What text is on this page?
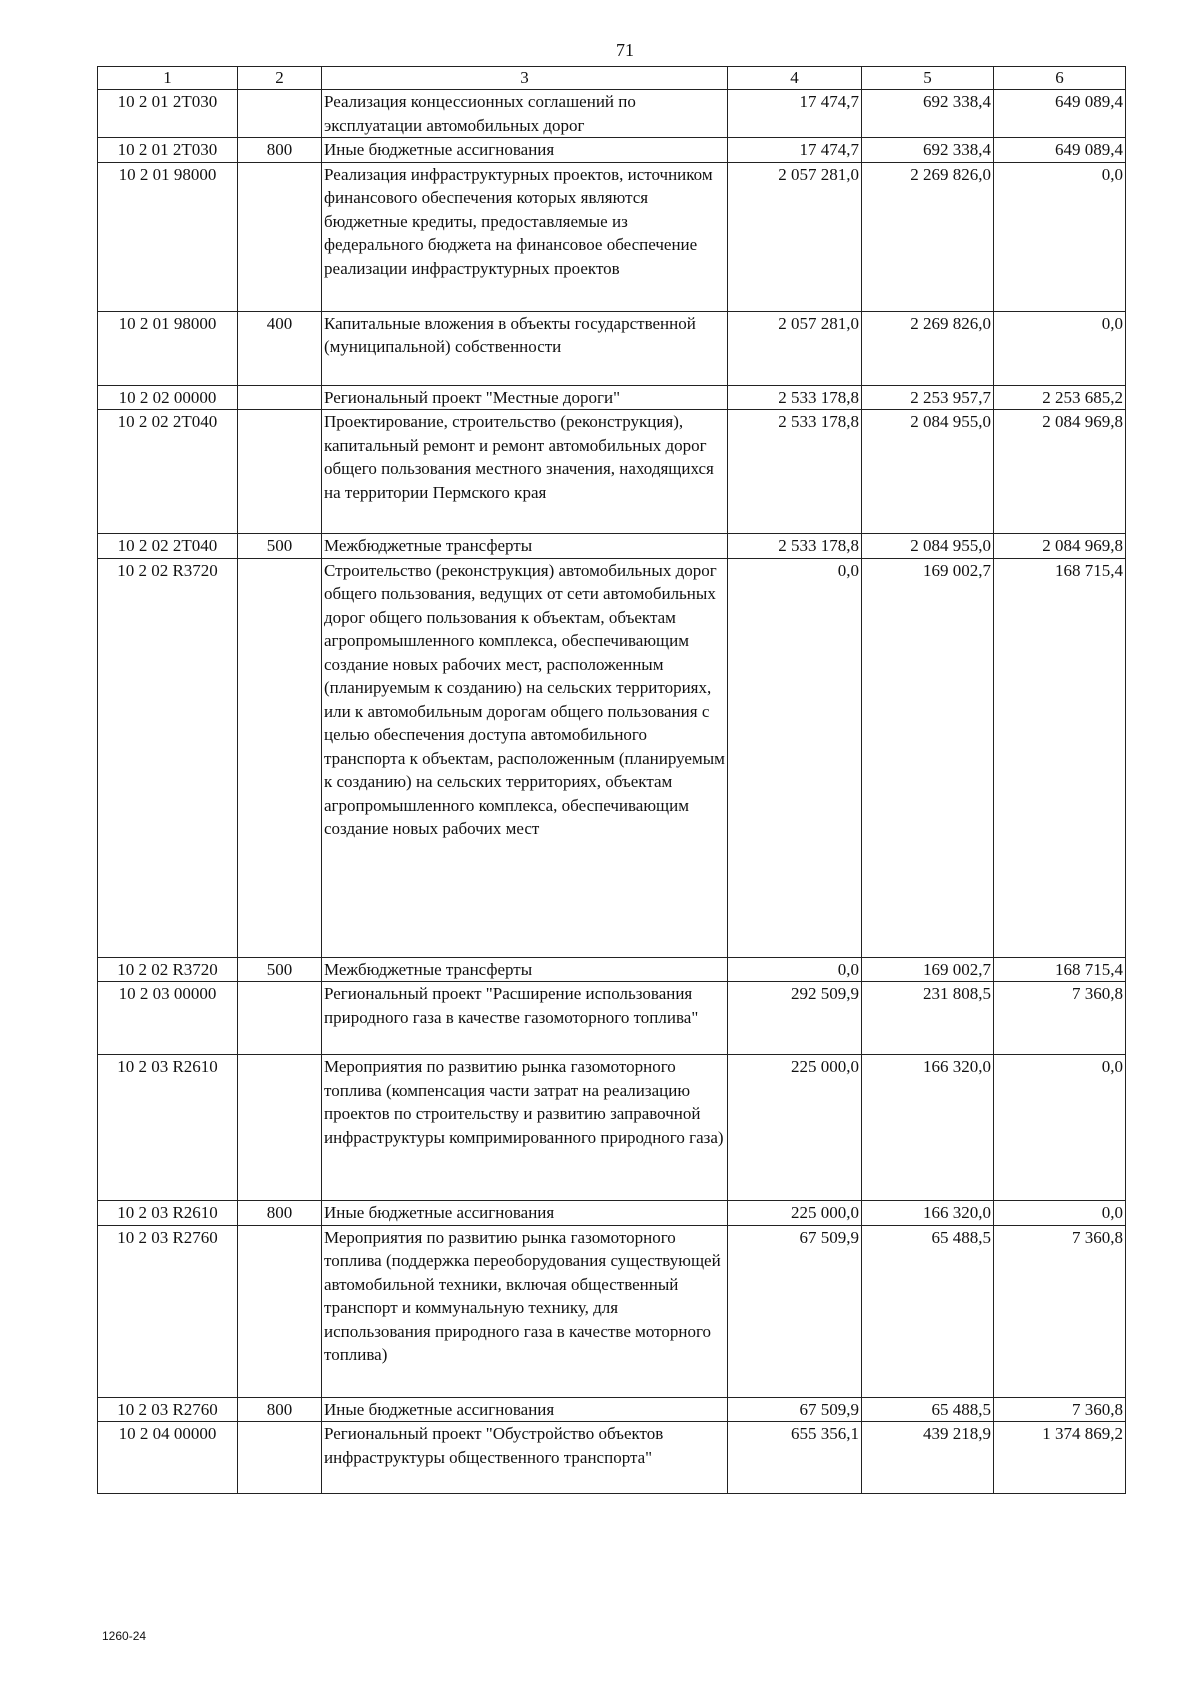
71
1	2	3	4	5	6
10 2 01 2Т030		Реализация концессионных соглашений по эксплуатации автомобильных дорог	17 474,7	692 338,4	649 089,4
10 2 01 2Т030	800	Иные бюджетные ассигнования	17 474,7	692 338,4	649 089,4
10 2 01 98000		Реализация инфраструктурных проектов, источником финансового обеспечения которых являются бюджетные кредиты, предоставляемые из федерального бюджета на финансовое обеспечение реализации инфраструктурных проектов	2 057 281,0	2 269 826,0	0,0
10 2 01 98000	400	Капитальные вложения в объекты государственной (муниципальной) собственности	2 057 281,0	2 269 826,0	0,0
10 2 02 00000		Региональный проект "Местные дороги"	2 533 178,8	2 253 957,7	2 253 685,2
10 2 02 2Т040		Проектирование, строительство (реконструкция), капитальный ремонт и ремонт автомобильных дорог общего пользования местного значения, находящихся на территории Пермского края	2 533 178,8	2 084 955,0	2 084 969,8
10 2 02 2Т040	500	Межбюджетные трансферты	2 533 178,8	2 084 955,0	2 084 969,8
10 2 02 R3720		Строительство (реконструкция) автомобильных дорог общего пользования, ведущих от сети автомобильных дорог общего пользования к объектам, объектам агропромышленного комплекса, обеспечивающим создание новых рабочих мест, расположенным (планируемым к созданию) на сельских территориях, или к автомобильным дорогам общего пользования с целью обеспечения доступа автомобильного транспорта к объектам, расположенным (планируемым к созданию) на сельских территориях, объектам агропромышленного комплекса, обеспечивающим создание новых рабочих мест	0,0	169 002,7	168 715,4
10 2 02 R3720	500	Межбюджетные трансферты	0,0	169 002,7	168 715,4
10 2 03 00000		Региональный проект "Расширение использования природного газа в качестве газомоторного топлива"	292 509,9	231 808,5	7 360,8
10 2 03 R2610		Мероприятия по развитию рынка газомоторного топлива (компенсация части затрат на реализацию проектов по строительству и развитию заправочной инфраструктуры компримированного природного газа)	225 000,0	166 320,0	0,0
10 2 03 R2610	800	Иные бюджетные ассигнования	225 000,0	166 320,0	0,0
10 2 03 R2760		Мероприятия по развитию рынка газомоторного топлива (поддержка переоборудования существующей автомобильной техники, включая общественный транспорт и коммунальную технику, для использования природного газа в качестве моторного топлива)	67 509,9	65 488,5	7 360,8
10 2 03 R2760	800	Иные бюджетные ассигнования	67 509,9	65 488,5	7 360,8
10 2 04 00000		Региональный проект "Обустройство объектов инфраструктуры общественного транспорта"	655 356,1	439 218,9	1 374 869,2
1260-24
